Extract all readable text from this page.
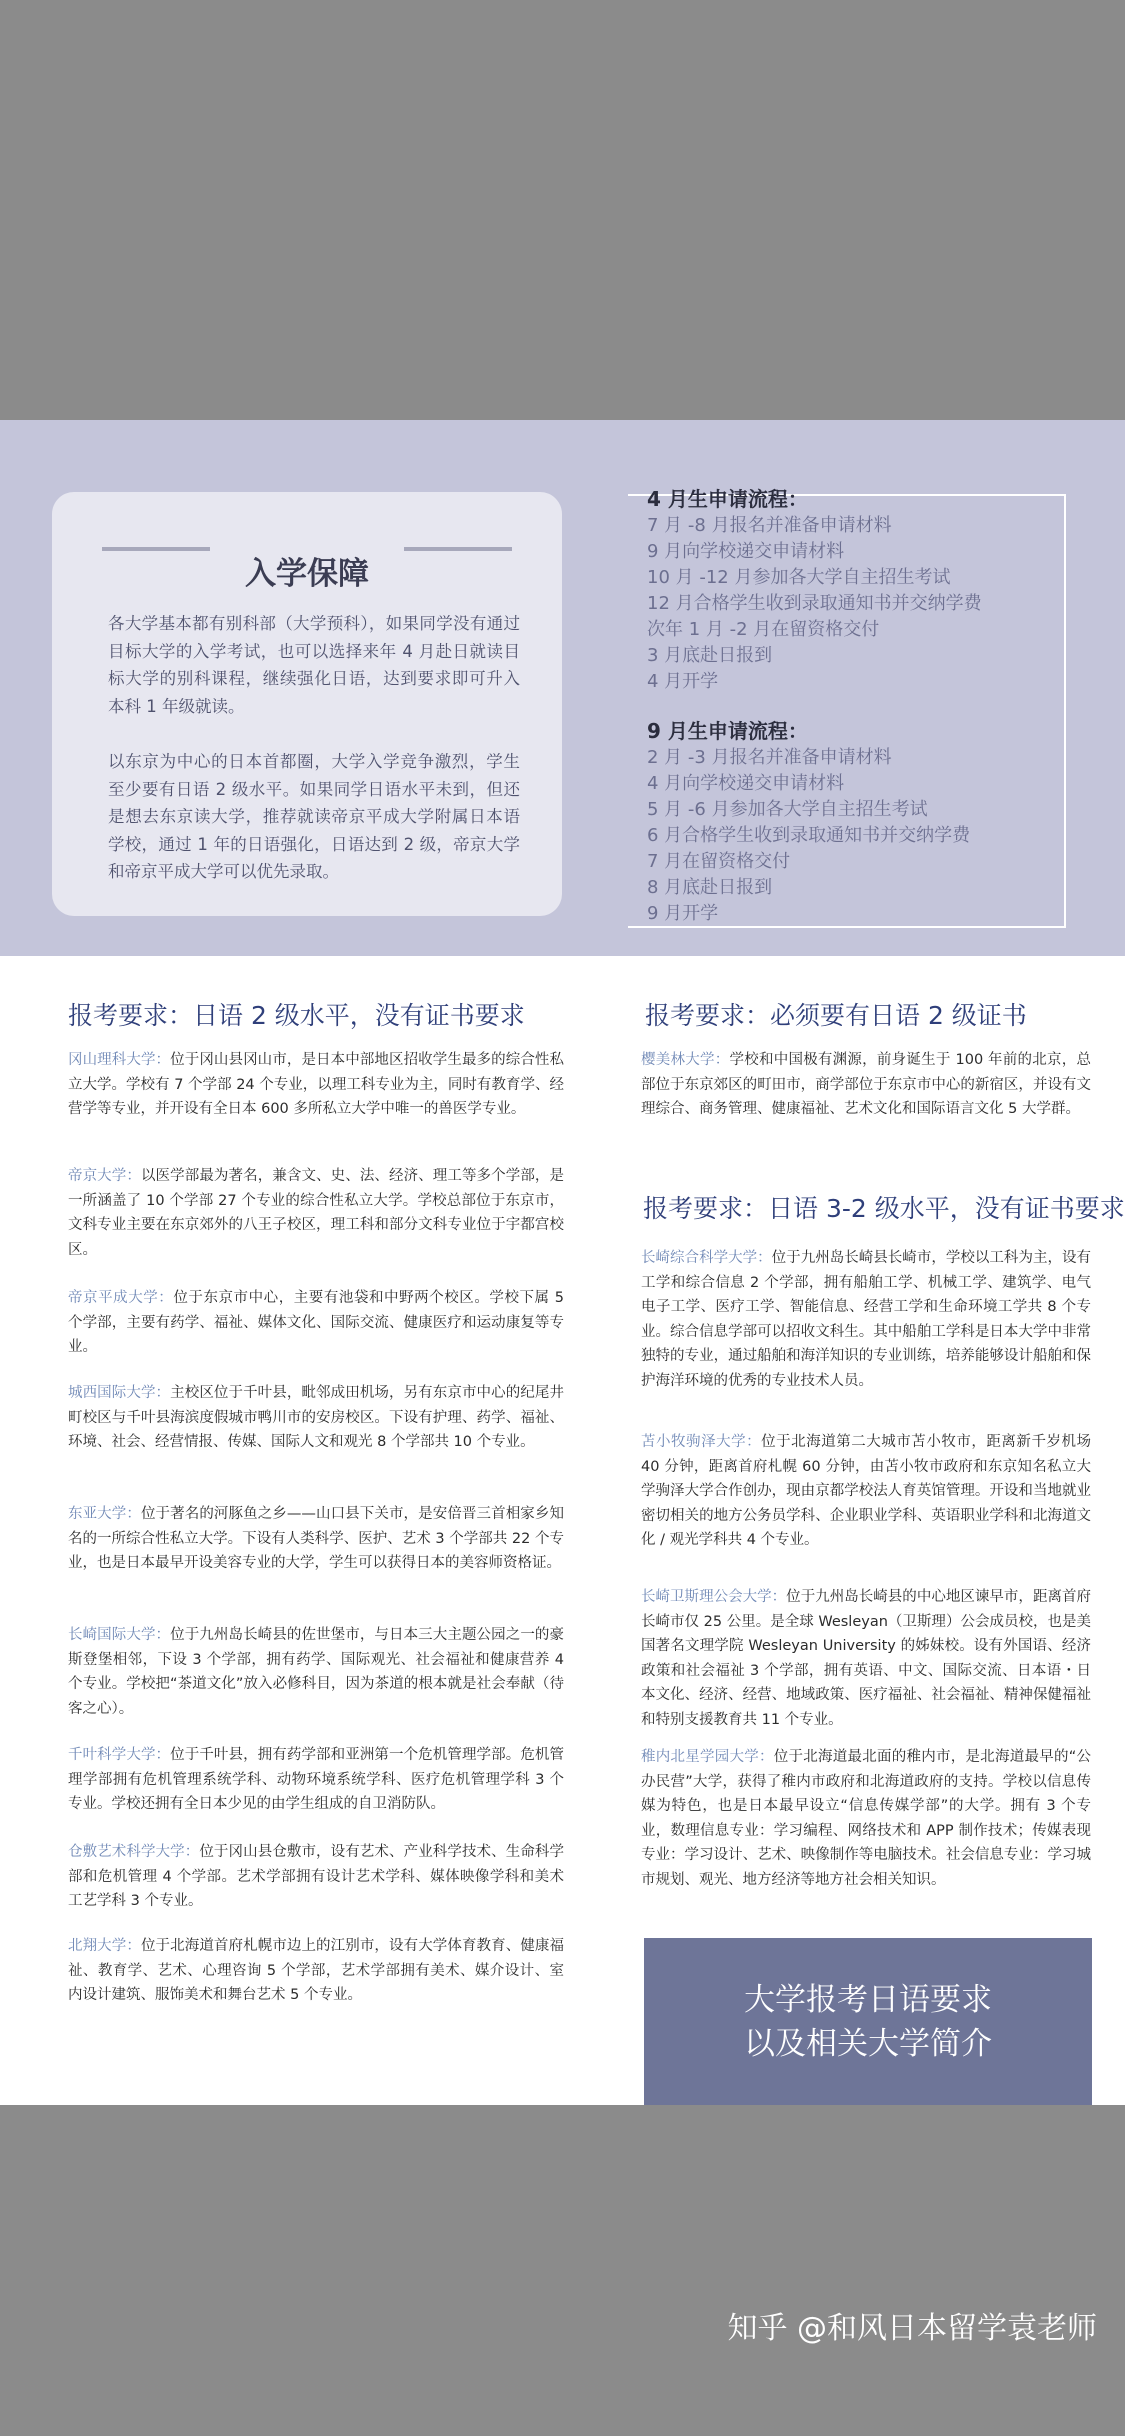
入学保障

各大学基本都有别科部（大学预科），如果同学没有通过目标大学的入学考试，也可以选择来年 4 月赴日就读目标大学的别科课程，继续强化日语，达到要求即可升入本科 1 年级就读。

以东京为中心的日本首都圈，大学入学竞争激烈，学生至少要有日语 2 级水平。如果同学日语水平未到，但还是想去东京读大学，推荐就读帝京平成大学附属日本语学校，通过 1 年的日语强化，日语达到 2 级，帝京大学和帝京平成大学可以优先录取。

4 月生申请流程：
7 月 -8 月报名并准备申请材料
9 月向学校递交申请材料
10 月 -12 月参加各大学自主招生考试
12 月合格学生收到录取通知书并交纳学费
次年 1 月 -2 月在留资格交付
3 月底赴日报到
4 月开学
9 月生申请流程：
2 月 -3 月报名并准备申请材料
4 月向学校递交申请材料
5 月 -6 月参加各大学自主招生考试
6 月合格学生收到录取通知书并交纳学费
7 月在留资格交付
8 月底赴日报到
9 月开学
报考要求：日语 2 级水平，没有证书要求

冈山理科大学：位于冈山县冈山市，是日本中部地区招收学生最多的综合性私立大学。学校有 7 个学部 24 个专业，以理工科专业为主，同时有教育学、经营学等专业，并开设有全日本 600 多所私立大学中唯一的兽医学专业。

帝京大学：以医学部最为著名，兼含文、史、法、经济、理工等多个学部，是一所涵盖了 10 个学部 27 个专业的综合性私立大学。学校总部位于东京市，文科专业主要在东京郊外的八王子校区，理工科和部分文科专业位于宇都宫校区。

帝京平成大学：位于东京市中心，主要有池袋和中野两个校区。学校下属 5 个学部，主要有药学、福祉、媒体文化、国际交流、健康医疗和运动康复等专业。

城西国际大学：主校区位于千叶县，毗邻成田机场，另有东京市中心的纪尾井町校区与千叶县海滨度假城市鸭川市的安房校区。下设有护理、药学、福祉、环境、社会、经营情报、传媒、国际人文和观光 8 个学部共 10 个专业。

东亚大学：位于著名的河豚鱼之乡——山口县下关市，是安倍晋三首相家乡知名的一所综合性私立大学。下设有人类科学、医护、艺术 3 个学部共 22 个专业，也是日本最早开设美容专业的大学，学生可以获得日本的美容师资格证。

长崎国际大学：位于九州岛长崎县的佐世堡市，与日本三大主题公园之一的豪斯登堡相邻，下设 3 个学部，拥有药学、国际观光、社会福祉和健康营养 4 个专业。学校把“茶道文化”放入必修科目，因为茶道的根本就是社会奉献（待客之心）。

千叶科学大学：位于千叶县，拥有药学部和亚洲第一个危机管理学部。危机管理学部拥有危机管理系统学科、动物环境系统学科、医疗危机管理学科 3 个专业。学校还拥有全日本少见的由学生组成的自卫消防队。

仓敷艺术科学大学：位于冈山县仓敷市，设有艺术、产业科学技术、生命科学部和危机管理 4 个学部。艺术学部拥有设计艺术学科、媒体映像学科和美术工艺学科 3 个专业。

北翔大学：位于北海道首府札幌市边上的江别市，设有大学体育教育、健康福祉、教育学、艺术、心理咨询 5 个学部，艺术学部拥有美术、媒介设计、室内设计建筑、服饰美术和舞台艺术 5 个专业。

报考要求：必须要有日语 2 级证书

樱美林大学：学校和中国极有渊源，前身诞生于 100 年前的北京，总部位于东京郊区的町田市，商学部位于东京市中心的新宿区，并设有文理综合、商务管理、健康福祉、艺术文化和国际语言文化 5 大学群。

报考要求：日语 3-2 级水平，没有证书要求

长崎综合科学大学：位于九州岛长崎县长崎市，学校以工科为主，设有工学和综合信息 2 个学部，拥有船舶工学、机械工学、建筑学、电气电子工学、医疗工学、智能信息、经营工学和生命环境工学共 8 个专业。综合信息学部可以招收文科生。其中船舶工学科是日本大学中非常独特的专业，通过船舶和海洋知识的专业训练，培养能够设计船舶和保护海洋环境的优秀的专业技术人员。

苫小牧驹泽大学：位于北海道第二大城市苫小牧市，距离新千岁机场 40 分钟，距离首府札幌 60 分钟，由苫小牧市政府和东京知名私立大学驹泽大学合作创办，现由京都学校法人育英馆管理。开设和当地就业密切相关的地方公务员学科、企业职业学科、英语职业学科和北海道文化 / 观光学科共 4 个专业。

长崎卫斯理公会大学：位于九州岛长崎县的中心地区谏早市，距离首府长崎市仅 25 公里。是全球 Wesleyan（卫斯理）公会成员校，也是美国著名文理学院 Wesleyan University 的姊妹校。设有外国语、经济政策和社会福祉 3 个学部，拥有英语、中文、国际交流、日本语・日本文化、经济、经营、地域政策、医疗福祉、社会福祉、精神保健福祉和特别支援教育共 11 个专业。

稚内北星学园大学：位于北海道最北面的稚内市，是北海道最早的“公办民营”大学，获得了稚内市政府和北海道政府的支持。学校以信息传媒为特色，也是日本最早设立“信息传媒学部”的大学。拥有 3 个专业，数理信息专业：学习编程、网络技术和 APP 制作技术；传媒表现专业：学习设计、艺术、映像制作等电脑技术。社会信息专业：学习城市规划、观光、地方经济等地方社会相关知识。

大学报考日语要求
以及相关大学简介
知乎 @和风日本留学袁老师
